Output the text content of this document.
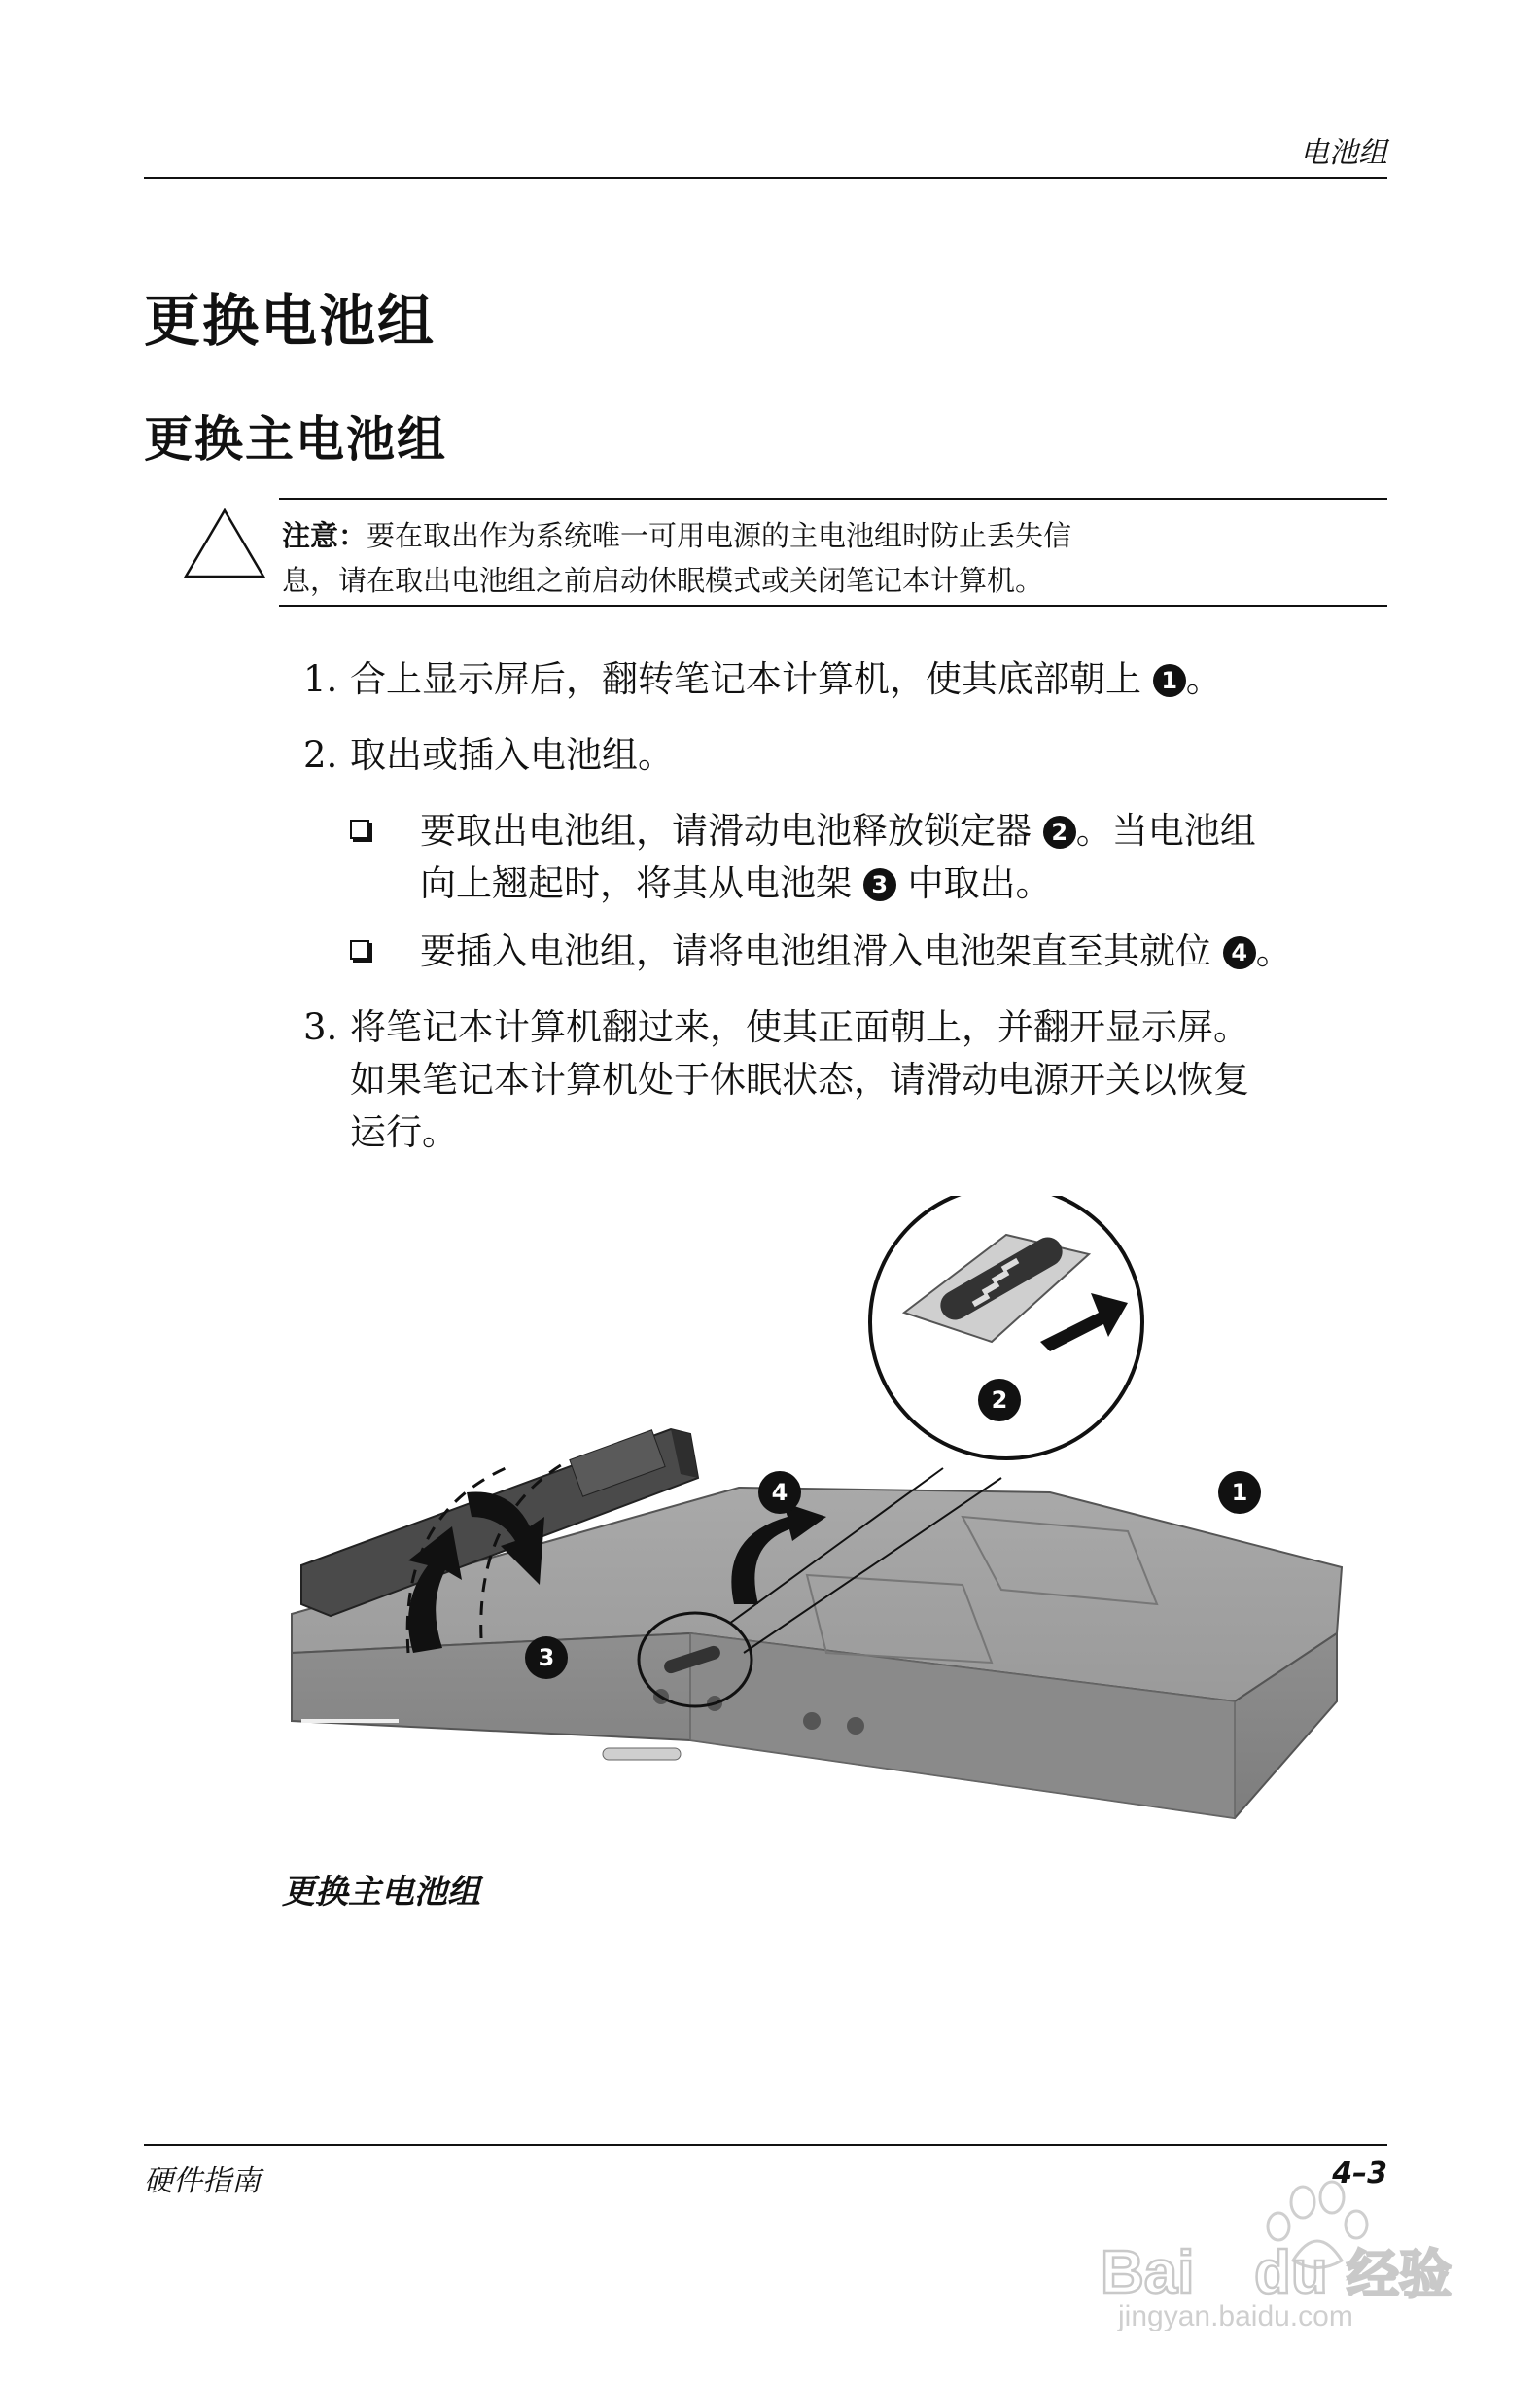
电池组
更换电池组
更换主电池组
注意：要在取出作为系统唯一可用电源的主电池组时防止丢失信
息，请在取出电池组之前启动休眠模式或关闭笔记本计算机。
1. 合上显示屏后，翻转笔记本计算机，使其底部朝上 1 。
2. 取出或插入电池组。
要取出电池组，请滑动电池释放锁定器 2 。当电池组
向上翘起时，将其从电池架 3 中取出。
要插入电池组，请将电池组滑入电池架直至其就位 4 。
3. 将笔记本计算机翻过来，使其正面朝上，并翻开显示屏。
如果笔记本计算机处于休眠状态，请滑动电源开关以恢复
运行。
1
2
3
4
更换主电池组
硬件指南	4–3
Bai du 经验
jingyan.baidu.com
